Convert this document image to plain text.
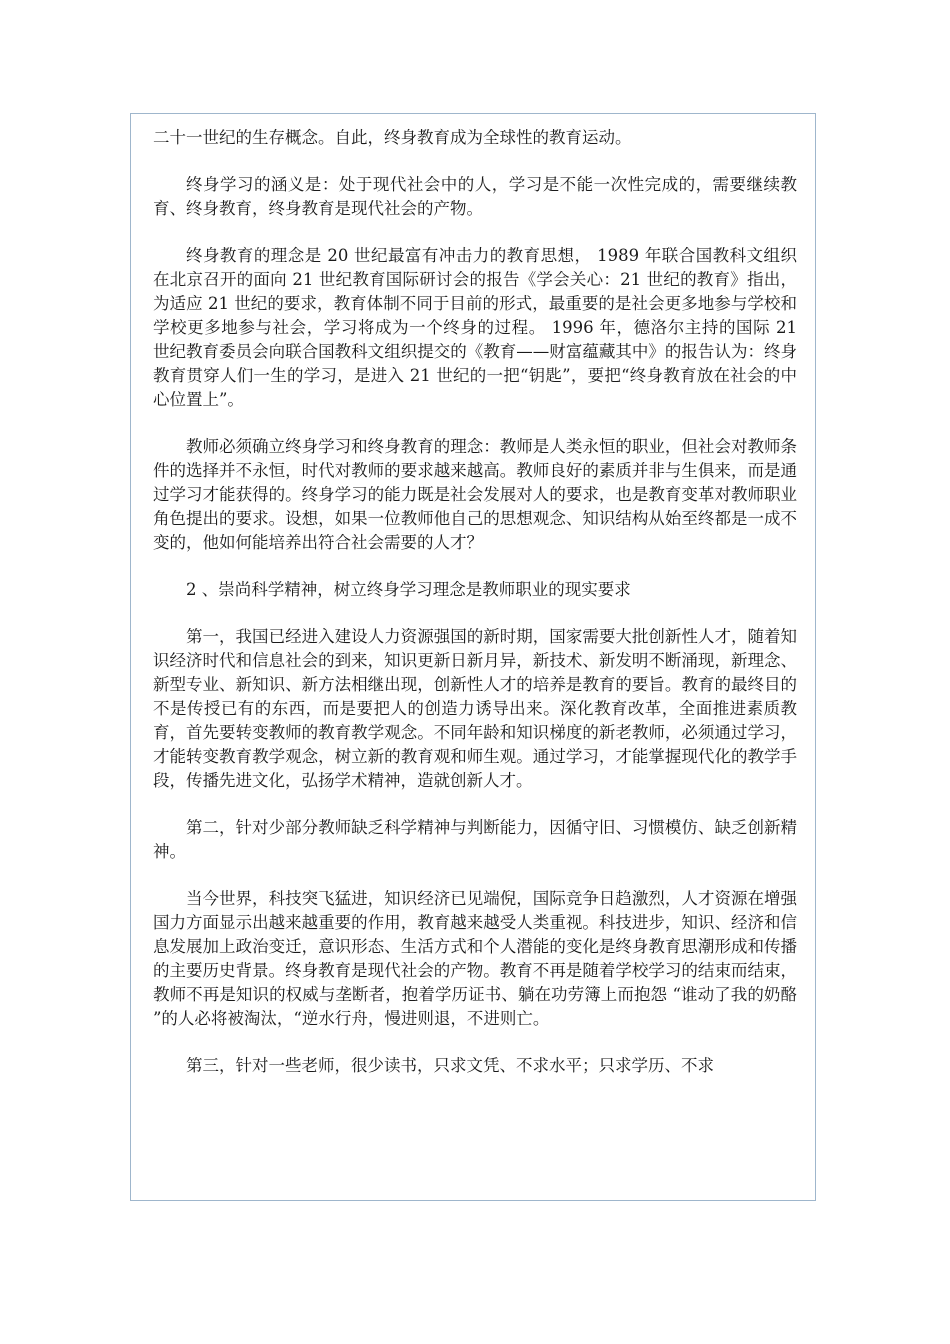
二十一世纪的生存概念。自此，终身教育成为全球性的教育运动。

终身学习的涵义是：处于现代社会中的人，学习是不能一次性完成的，需要继续教育、终身教育，终身教育是现代社会的产物。

终身教育的理念是 20 世纪最富有冲击力的教育思想， 1989 年联合国教科文组织在北京召开的面向 21 世纪教育国际研讨会的报告《学会关心：21 世纪的教育》指出，为适应 21 世纪的要求，教育体制不同于目前的形式，最重要的是社会更多地参与学校和学校更多地参与社会，学习将成为一个终身的过程。 1996 年，德洛尔主持的国际 21 世纪教育委员会向联合国教科文组织提交的《教育——财富蕴藏其中》的报告认为：终身教育贯穿人们一生的学习，是进入 21 世纪的一把“钥匙”，要把“终身教育放在社会的中心位置上”。

教师必须确立终身学习和终身教育的理念：教师是人类永恒的职业，但社会对教师条件的选择并不永恒，时代对教师的要求越来越高。教师良好的素质并非与生俱来，而是通过学习才能获得的。终身学习的能力既是社会发展对人的要求，也是教育变革对教师职业角色提出的要求。设想，如果一位教师他自己的思想观念、知识结构从始至终都是一成不变的，他如何能培养出符合社会需要的人才？

2 、崇尚科学精神，树立终身学习理念是教师职业的现实要求

第一，我国已经进入建设人力资源强国的新时期，国家需要大批创新性人才，随着知识经济时代和信息社会的到来，知识更新日新月异，新技术、新发明不断涌现，新理念、新型专业、新知识、新方法相继出现，创新性人才的培养是教育的要旨。教育的最终目的不是传授已有的东西，而是要把人的创造力诱导出来。深化教育改革，全面推进素质教育，首先要转变教师的教育教学观念。不同年龄和知识梯度的新老教师，必须通过学习，才能转变教育教学观念，树立新的教育观和师生观。通过学习，才能掌握现代化的教学手段，传播先进文化，弘扬学术精神，造就创新人才。

第二，针对少部分教师缺乏科学精神与判断能力，因循守旧、习惯模仿、缺乏创新精神。

当今世界，科技突飞猛进，知识经济已见端倪，国际竞争日趋激烈，人才资源在增强国力方面显示出越来越重要的作用，教育越来越受人类重视。科技进步，知识、经济和信息发展加上政治变迁，意识形态、生活方式和个人潜能的变化是终身教育思潮形成和传播的主要历史背景。终身教育是现代社会的产物。教育不再是随着学校学习的结束而结束，教师不再是知识的权威与垄断者，抱着学历证书、躺在功劳簿上而抱怨 “谁动了我的奶酪 ”的人必将被淘汰，“逆水行舟，慢进则退，不进则亡。

第三，针对一些老师，很少读书，只求文凭、不求水平；只求学历、不求
